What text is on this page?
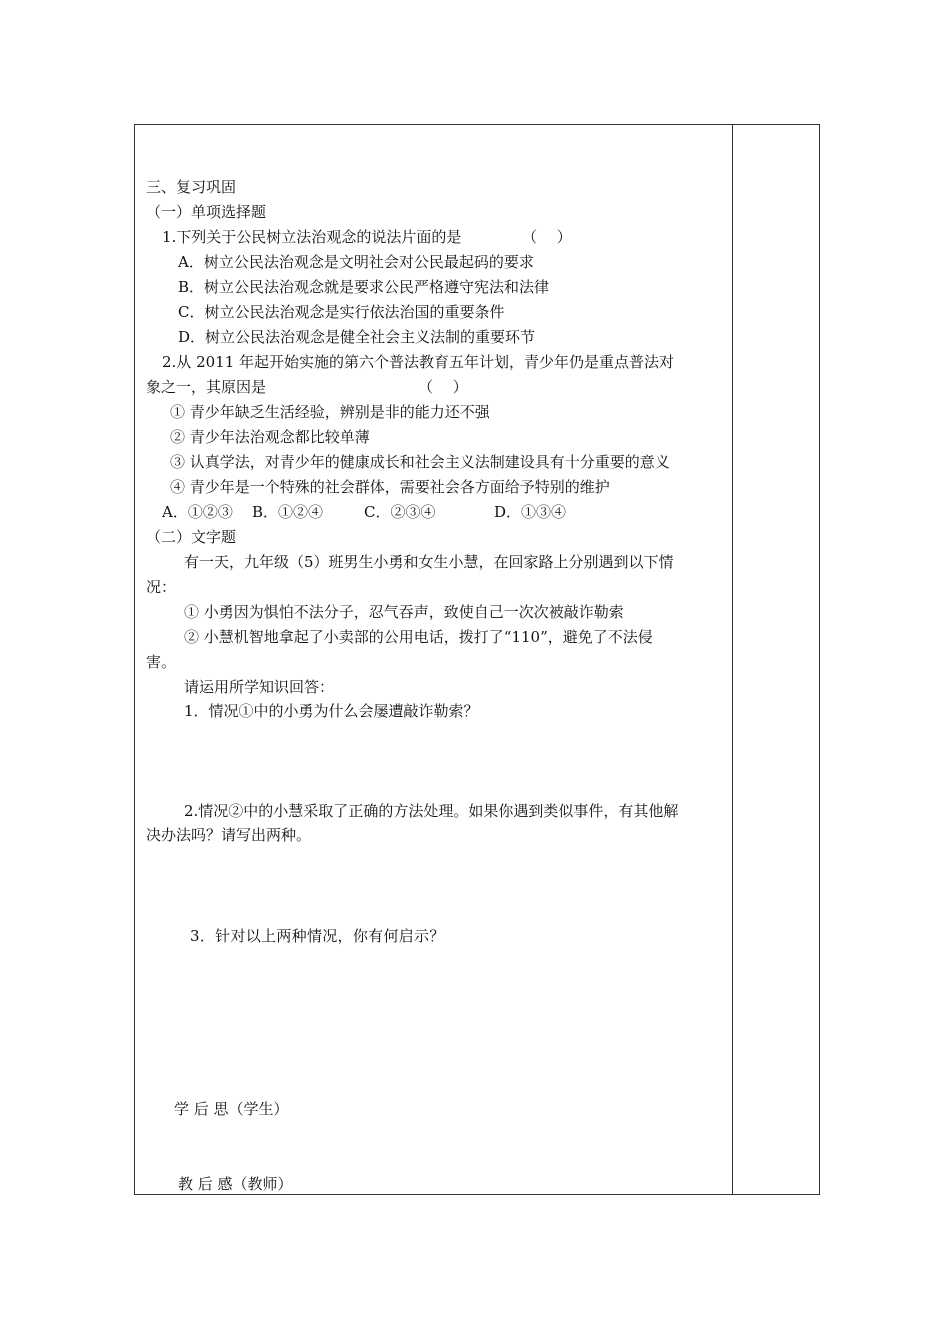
三、复习巩固
（一）单项选择题
1.下列关于公民树立法治观念的说法片面的是	（　 ）
A．树立公民法治观念是文明社会对公民最起码的要求
B．树立公民法治观念就是要求公民严格遵守宪法和法律
C．树立公民法治观念是实行依法治国的重要条件
D．树立公民法治观念是健全社会主义法制的重要环节
2.从 2011 年起开始实施的第六个普法教育五年计划，青少年仍是重点普法对
象之一，其原因是	（　 ）
① 青少年缺乏生活经验，辨别是非的能力还不强
② 青少年法治观念都比较单薄
③ 认真学法，对青少年的健康成长和社会主义法制建设具有十分重要的意义
④ 青少年是一个特殊的社会群体，需要社会各方面给予特别的维护
A．①②③ B．①②④	C．②③④	D．①③④
（二）文字题
有一天，九年级（5）班男生小勇和女生小慧，在回家路上分别遇到以下情
况：
① 小勇因为惧怕不法分子，忍气吞声，致使自己一次次被敲诈勒索
② 小慧机智地拿起了小卖部的公用电话，拨打了“110”，避免了不法侵
害。
请运用所学知识回答：
1．情况①中的小勇为什么会屡遭敲诈勒索？
2.情况②中的小慧采取了正确的方法处理。如果你遇到类似事件，有其他解
决办法吗？请写出两种。
3．针对以上两种情况，你有何启示？
学 后 思（学生）
教 后 感（教师）
